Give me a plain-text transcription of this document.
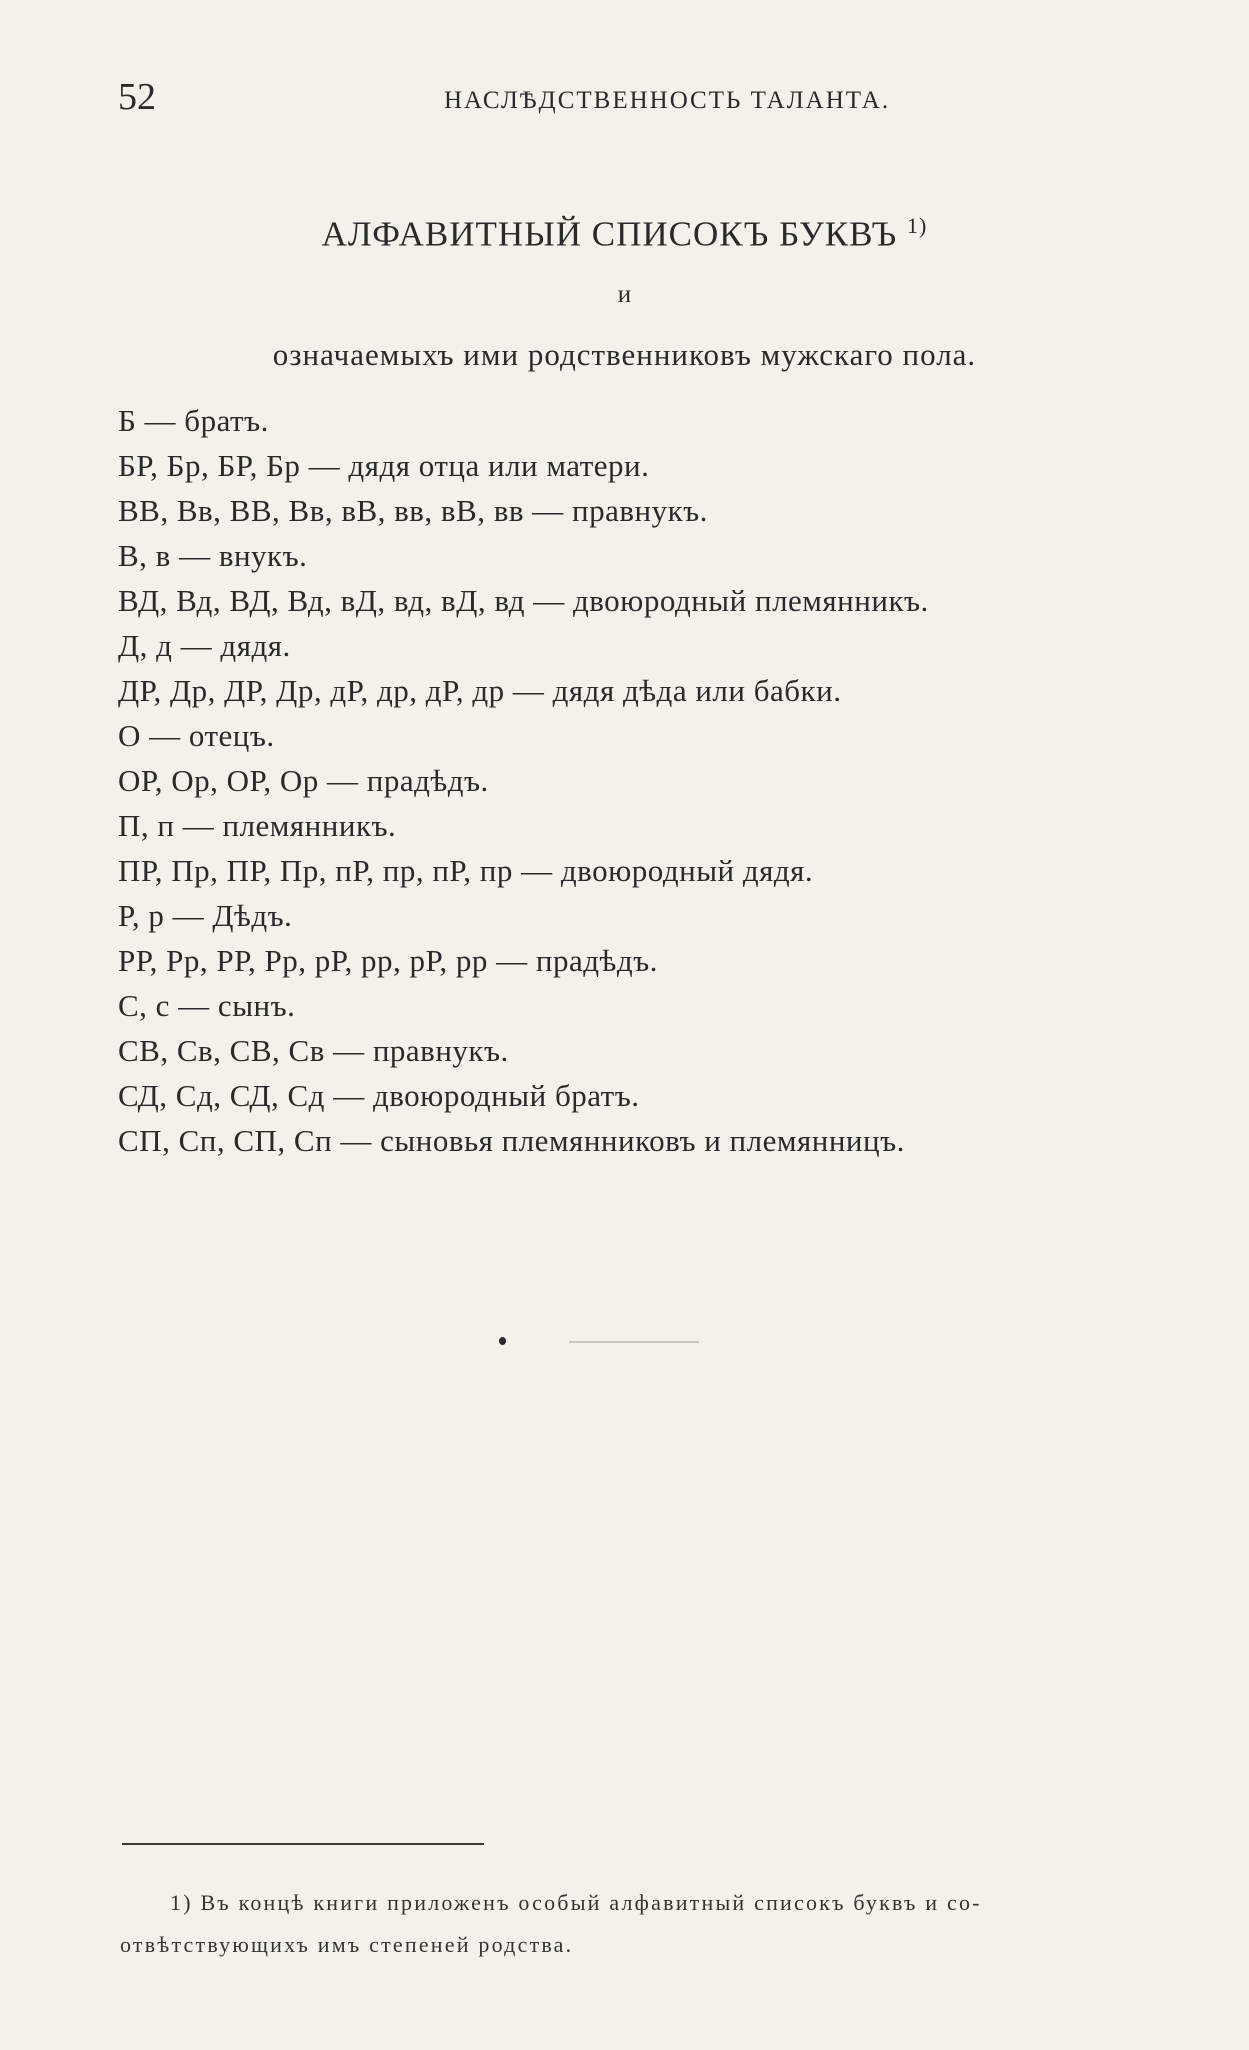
52	НАСЛѢДСТВЕННОСТЬ ТАЛАНТА.
АЛФАВИТНЫЙ СПИСОКЪ БУКВЪ $^{1)}$
и
означаемыхъ ими родственниковъ мужскаго пола.
Б — братъ.
БР, Бр, БР, Бр — дядя отца или матери.
ВВ, Вв, ВВ, Вв, вВ, вв, вВ, вв — правнукъ.
В, в — внукъ.
ВД, Вд, ВД, Вд, вД, вд, вД, вд — двоюродный племянникъ.
Д, д — дядя.
ДР, Др, ДР, Др, дР, др, дР, др — дядя дѣда или бабки.
О — отецъ.
ОР, Ор, ОР, Ор — прадѣдъ.
П, п — племянникъ.
ПР, Пр, ПР, Пр, пР, пр, пР, пр — двоюродный дядя.
Р, р — Дѣдъ.
РР, Рр, РР, Рр, рР, рр, рР, рр — прадѣдъ.
С, с — сынъ.
СВ, Св, СВ, Св — правнукъ.
СД, Сд, СД, Сд — двоюродный братъ.
СП, Сп, СП, Сп — сыновья племянниковъ и племянницъ.
1) Въ концѣ книги приложенъ особый алфавитный списокъ буквъ и со-
отвѣтствующихъ имъ степеней родства.
